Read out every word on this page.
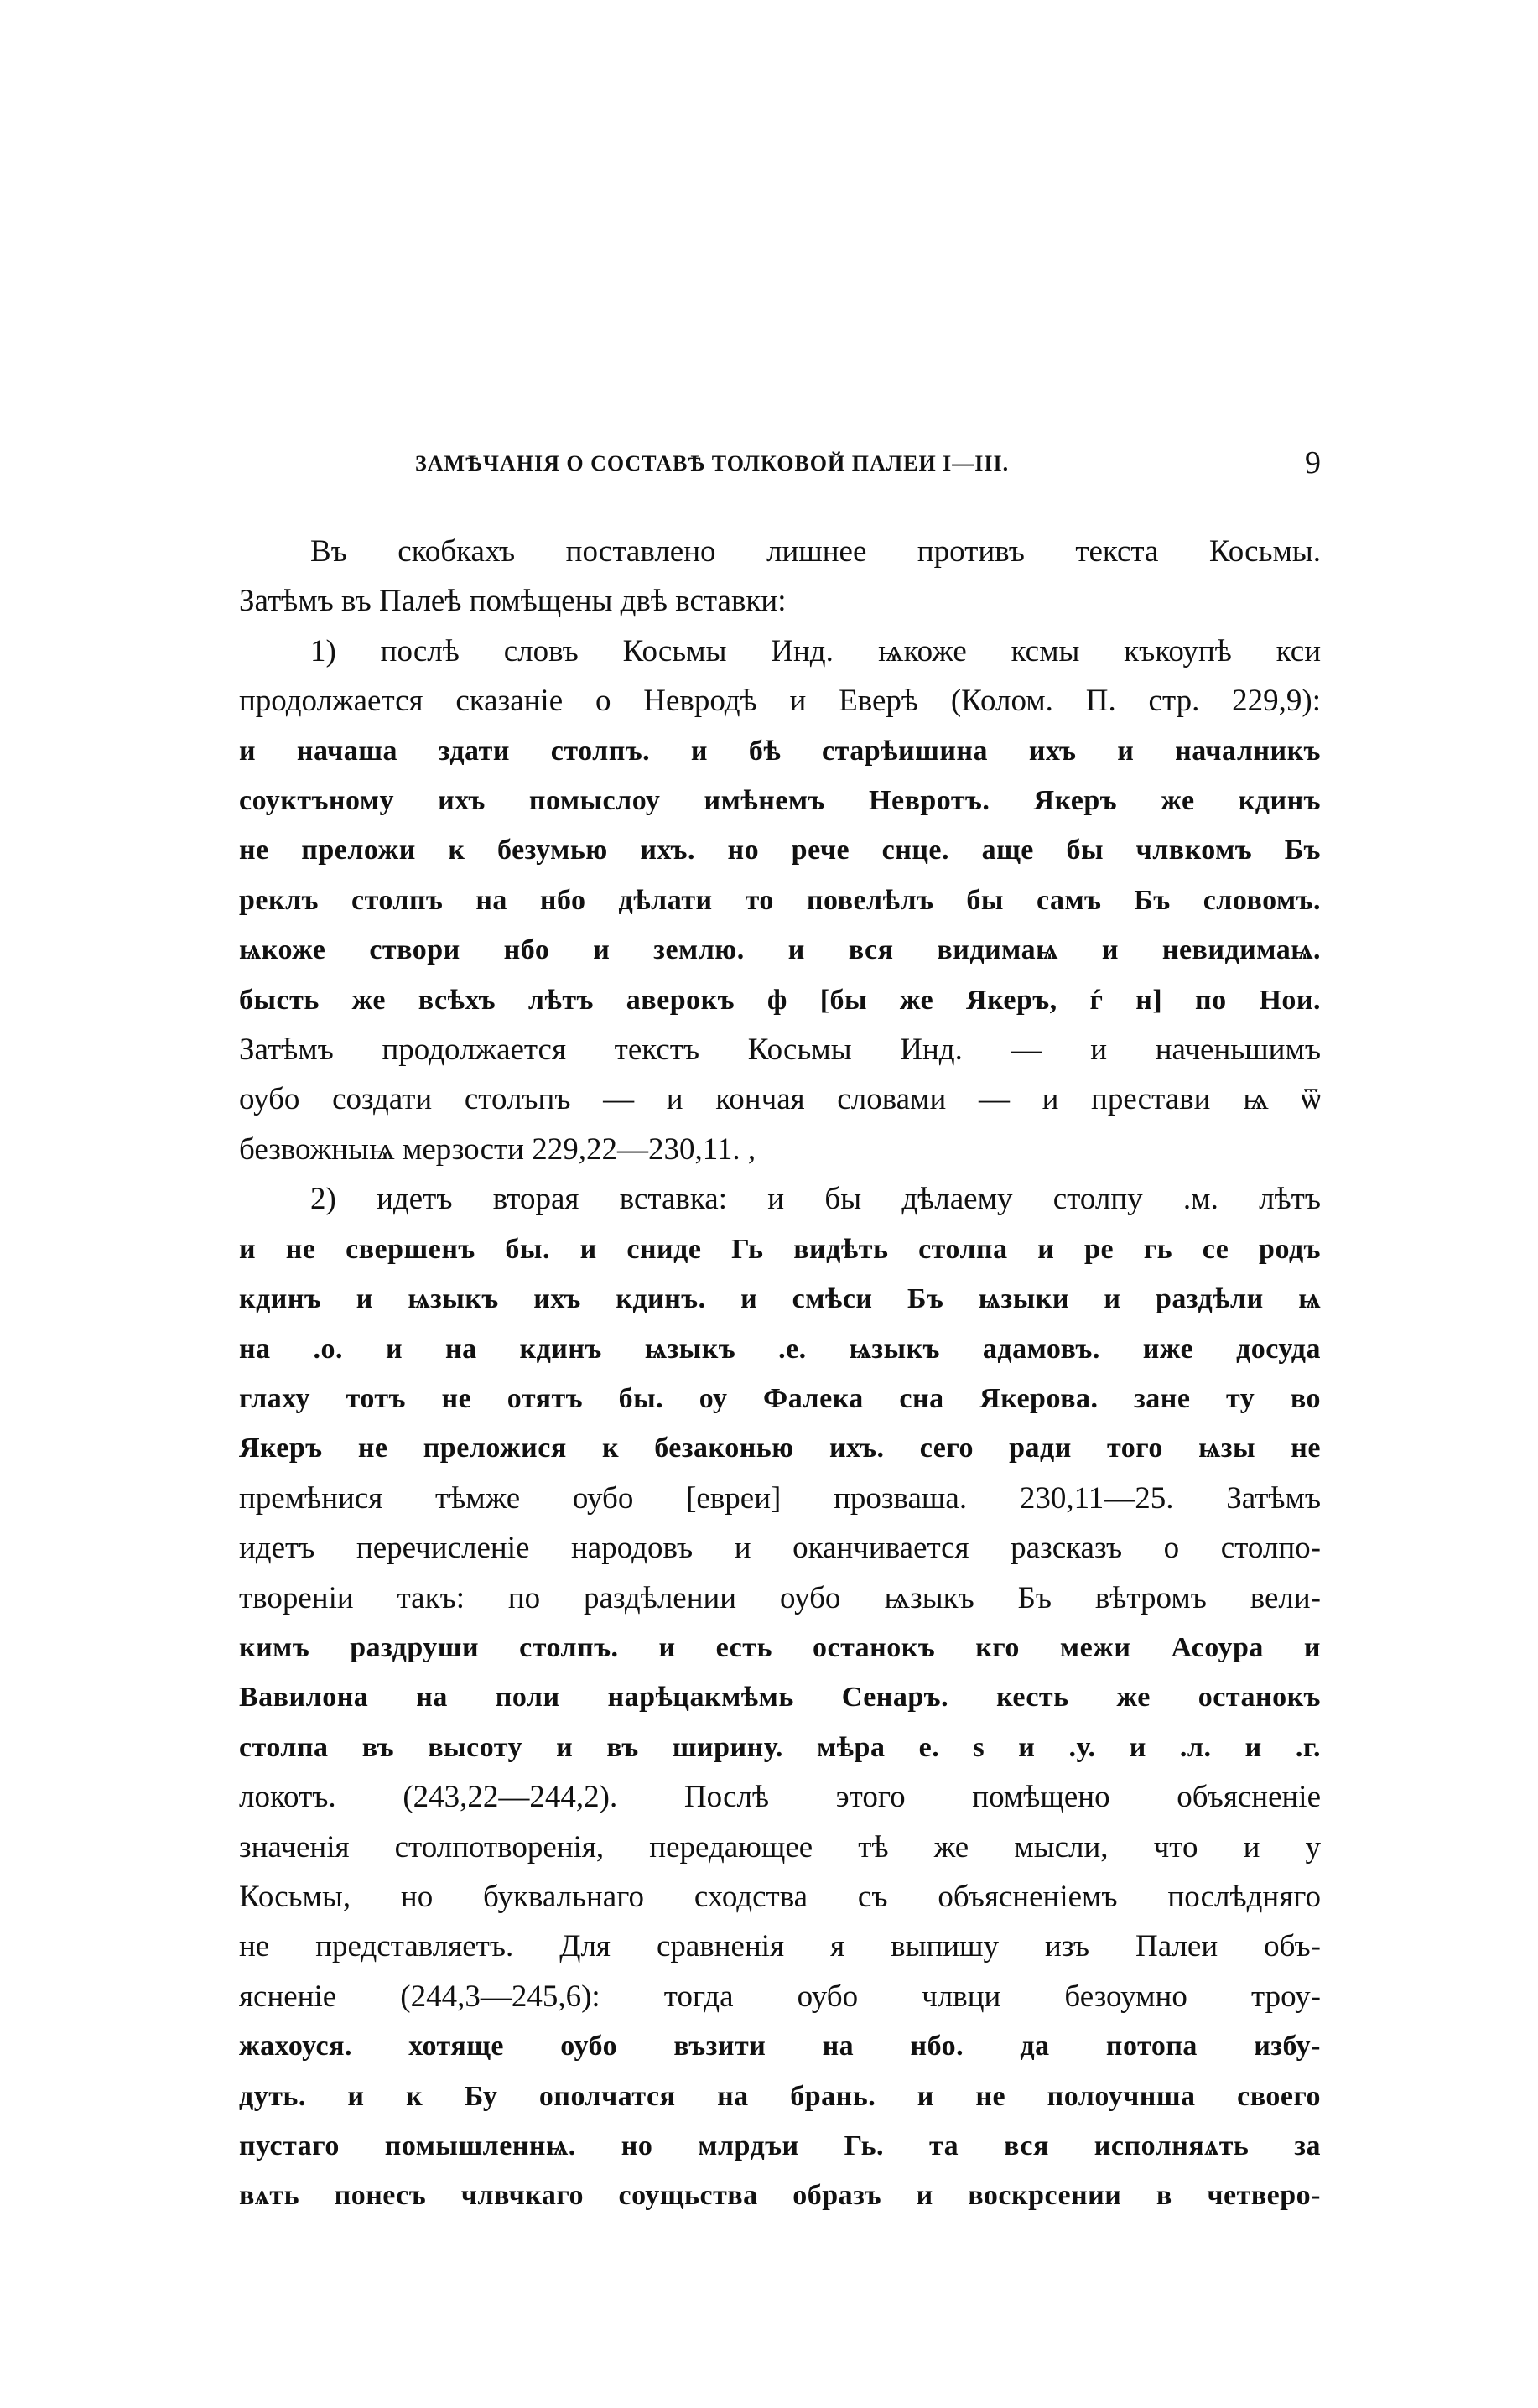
ЗАМѢЧАНІЯ О СОСТАВѢ ТОЛКОВОЙ ПАЛЕИ I—III.	9
Въ скобкахъ поставлено лишнее противъ текста Косьмы.
Затѣмъ въ Палеѣ помѣщены двѣ вставки:
1) послѣ словъ Косьмы Инд. ѩкоже ксмы къкоупѣ кси
продолжается сказаніе о Невродѣ и Еверѣ (Колом. П. стр. 229,9):
и начаша здати столпъ. и бѣ старѣишина ихъ и началникъ
соуктъному ихъ помыслоу имѣнемъ Невротъ. Якеръ же кдинъ
не преложи к безумью ихъ. но рече снце. аще бы члвкомъ Бъ
реклъ столпъ на нбо дѣлати то повелѣлъ бы самъ Бъ словомъ.
ѩкоже створи нбо и землю. и вся видимаѩ и невидимаѩ.
бысть же всѣхъ лѣтъ аверокъ ф [бы же Якеръ, ѓ н] по Нои.
Затѣмъ продолжается текстъ Косьмы Инд. — и наченьшимъ
оубо создати столъпъ — и кончая словами — и престави ѩ ѿ
безвожныѩ мерзости 229,22—230,11. ,
2) идетъ вторая вставка: и бы дѣлаемy столпу .м. лѣтъ
и не свершенъ бы. и сниде Гь видѣть столпа и ре гь се родъ
кдинъ и ѩзыкъ ихъ кдинъ. и смѣси Бъ ѩзыки и раздѣли ѩ
на .о. и на кдинъ ѩзыкъ .е. ѩзыкъ адамовъ. иже досуда
глаху тотъ не отятъ бы. оу Фалека сна Якерова. зане ту во
Якеръ не преложися к безаконью ихъ. сего ради того ѩзы не
премѣнися тѣмже оубо [евреи] прозваша. 230,11—25. Затѣмъ
идетъ перечисленіе народовъ и оканчивается разсказъ о столпо-
твореніи такъ: по раздѣлении оубо ѩзыкъ Бъ вѣтромъ вели-
кимъ раздруши столпъ. и есть останокъ кго межи Асоура и
Вавилона на поли нарѣцакмѣмь Сенаръ. кесть же останокъ
столпа въ высоту и въ ширину. мѣра е. ѕ и .у. и .л. и .г.
локотъ. (243,22—244,2). Послѣ этого помѣщено объясненіе
значенія столпотворенія, передающее тѣ же мысли, что и у
Косьмы, но буквальнаго сходства съ объясненіемъ послѣдняго
не представляетъ. Для сравненія я выпишу изъ Палеи объ-
ясненіе (244,3—245,6): тогда оубо члвци безоумно троу-
жахоуся. хотяще оубо възити на нбо. да потопа избу-
дуть. и к Бу ополчатся на брань. и не полоучнша своего
пустаго помышленнѩ. но млрдъи Гь. та вся исполняѧть за
вѧть понесъ члвчкаго соущьства образъ и воскрсении в четверо-
